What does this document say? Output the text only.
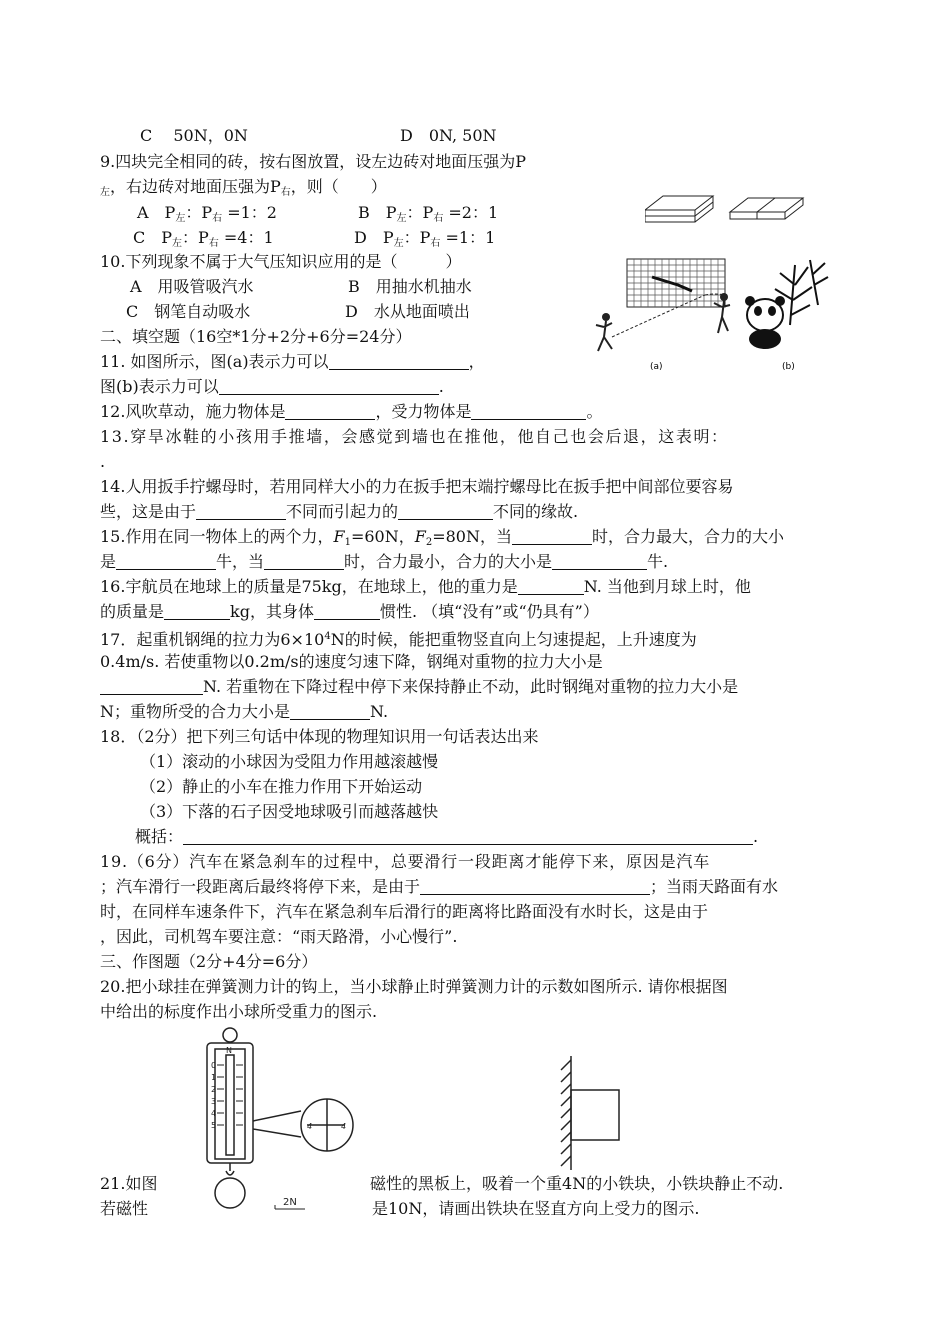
C　 50N，0N	D　0N, 50N
9.四块完全相同的砖，按右图放置，设左边砖对地面压强为P
$_左$，右边砖对地面压强为$P_右$，则（　　）
A　$P_左$：$P_右 =1$：2	B　$P_左$：$P_右 =2$：1
C　$P_左$：$P_右 =4$：1	D　$P_左$：$P_右 =1$：1
10.下列现象不属于大气压知识应用的是（　　　）
A　用吸管吸汽水	B　用抽水机抽水
C　钢笔自动吸水	D　水从地面喷出
(a)	(b)
二、填空题（16空*1分+2分+6分=24分）
11. 如图所示，图(a)表示力可以	，
图(b)表示力可以	.
12.风吹草动，施力物体是	，受力物体是	。
13.穿旱冰鞋的小孩用手推墙，会感觉到墙也在推他，他自己也会后退，这表明：
.
14.人用扳手拧螺母时，若用同样大小的力在扳手把末端拧螺母比在扳手把中间部位要容易
些，这是由于	不同而引起力的	不同的缘故.
15.作用在同一物体上的两个力，$F_1=60N$，$F_2=80N$，当	时，合力最大，合力的大小
是	牛，当	时，合力最小，合力的大小是	牛.
16.宇航员在地球上的质量是75kg，在地球上，他的重力是	N. 当他到月球上时，他
的质量是	kg，其身体	惯性. （填“没有”或“仍具有”）
17．起重机钢绳的拉力为$6\times 10^4N$的时候，能把重物竖直向上匀速提起，上升速度为
0.4m/s. 若使重物以0.2m/s的速度匀速下降，钢绳对重物的拉力大小是
N. 若重物在下降过程中停下来保持静止不动，此时钢绳对重物的拉力大小是
N；重物所受的合力大小是	N.
18．（2分）把下列三句话中体现的物理知识用一句话表达出来
（1）滚动的小球因为受阻力作用越滚越慢
（2）静止的小车在推力作用下开始运动
（3）下落的石子因受地球吸引而越落越快
概括：	.
19.（6分）汽车在紧急刹车的过程中，总要滑行一段距离才能停下来，原因是汽车
；汽车滑行一段距离后最终将停下来，是由于	；当雨天路面有水
时，在同样车速条件下，汽车在紧急刹车后滑行的距离将比路面没有水时长，这是由于
，因此，司机驾车要注意：“雨天路滑，小心慢行”.
三、作图题（2分+4分=6分）
20.把小球挂在弹簧测力计的钩上，当小球静止时弹簧测力计的示数如图所示. 请你根据图
中给出的标度作出小球所受重力的图示.
N
0
1
2
3
4
5	4	4
2N
21.如图	磁性的黑板上，吸着一个重4N的小铁块，小铁块静止不动.
若磁性	是10N，请画出铁块在竖直方向上受力的图示.
